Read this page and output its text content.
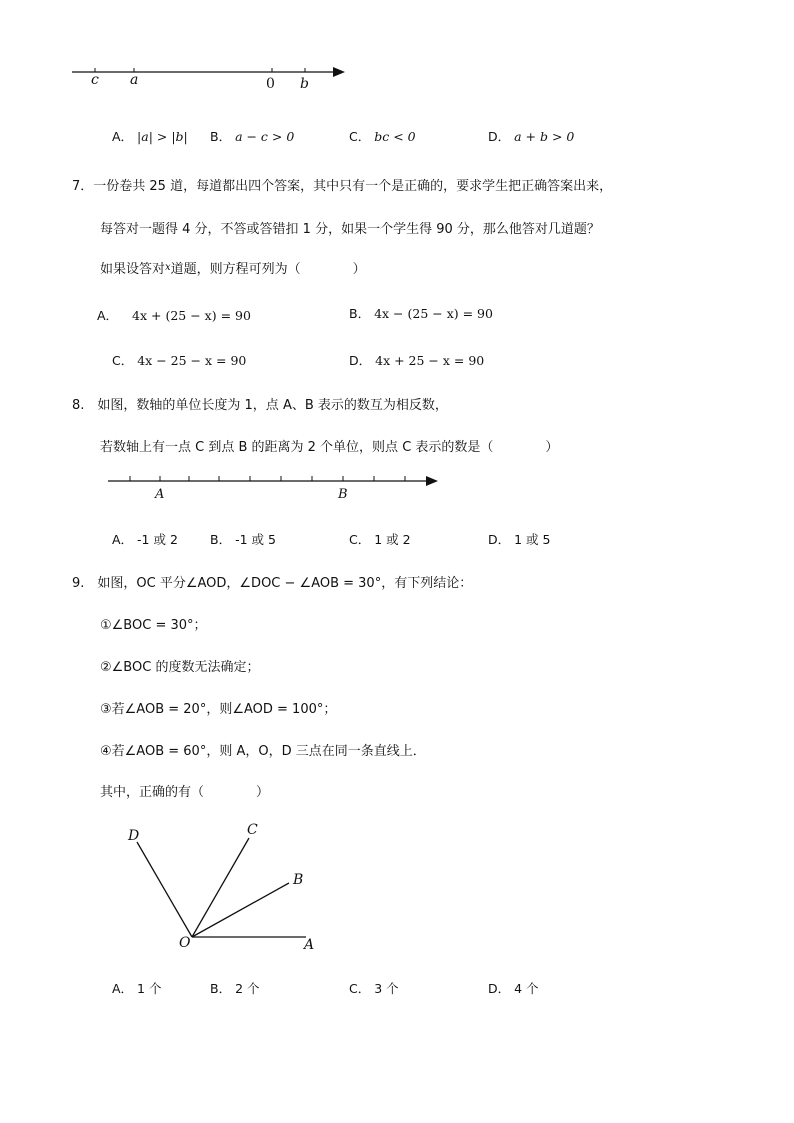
c a	0 b
A． |a| > |b| B． a − c > 0	C． bc < 0	D． a + b > 0
7．一份卷共 25 道，每道都出四个答案，其中只有一个是正确的，要求学生把正确答案出来，
每答对一题得 4 分，不答或答错扣 1 分，如果一个学生得 90 分，那么他答对几道题？
如果设答对$^x$道题，则方程可列为（　　　　）
A． 4x + (25 − x) = 90	B． 4x − (25 − x) = 90
C． 4x − 25 − x = 90	D． 4x + 25 − x = 90
8.　如图，数轴的单位长度为 1，点 A、B 表示的数互为相反数，
若数轴上有一点 C 到点 B 的距离为 2 个单位，则点 C 表示的数是（　　　　）
A	B
A． -1 或 2	B． -1 或 5	C． 1 或 2	D． 1 或 5
9.　如图，OC 平分∠AOD，∠DOC − ∠AOB = 30°，有下列结论：
①∠BOC = 30°；
②∠BOC 的度数无法确定；
③若∠AOB = 20°，则∠AOD = 100°；
④若∠AOB = 60°，则 A，O，D 三点在同一条直线上．
其中，正确的有（　　　　）
D	C
B
O	A
A． 1 个	B． 2 个	C． 3 个	D． 4 个
